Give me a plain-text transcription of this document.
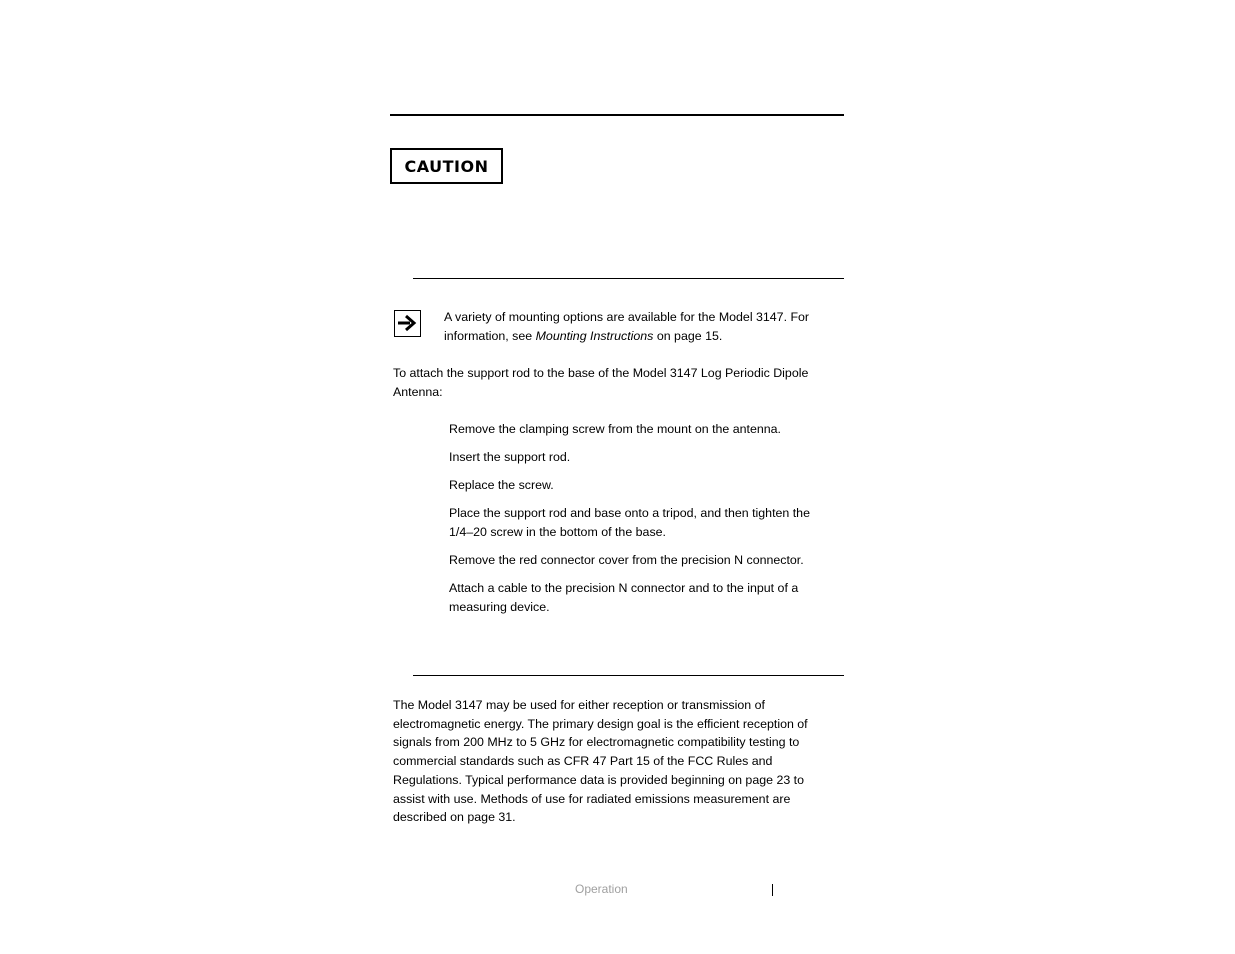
CAUTION
A variety of mounting options are available for the Model 3147. For information, see Mounting Instructions on page 15.
To attach the support rod to the base of the Model 3147 Log Periodic Dipole Antenna:
Remove the clamping screw from the mount on the antenna.
Insert the support rod.
Replace the screw.
Place the support rod and base onto a tripod, and then tighten the 1/4–20 screw in the bottom of the base.
Remove the red connector cover from the precision N connector.
Attach a cable to the precision N connector and to the input of a measuring device.
The Model 3147 may be used for either reception or transmission of electromagnetic energy. The primary design goal is the efficient reception of signals from 200 MHz to 5 GHz for electromagnetic compatibility testing to commercial standards such as CFR 47 Part 15 of the FCC Rules and Regulations. Typical performance data is provided beginning on page 23 to assist with use. Methods of use for radiated emissions measurement are described on page 31.
Operation
